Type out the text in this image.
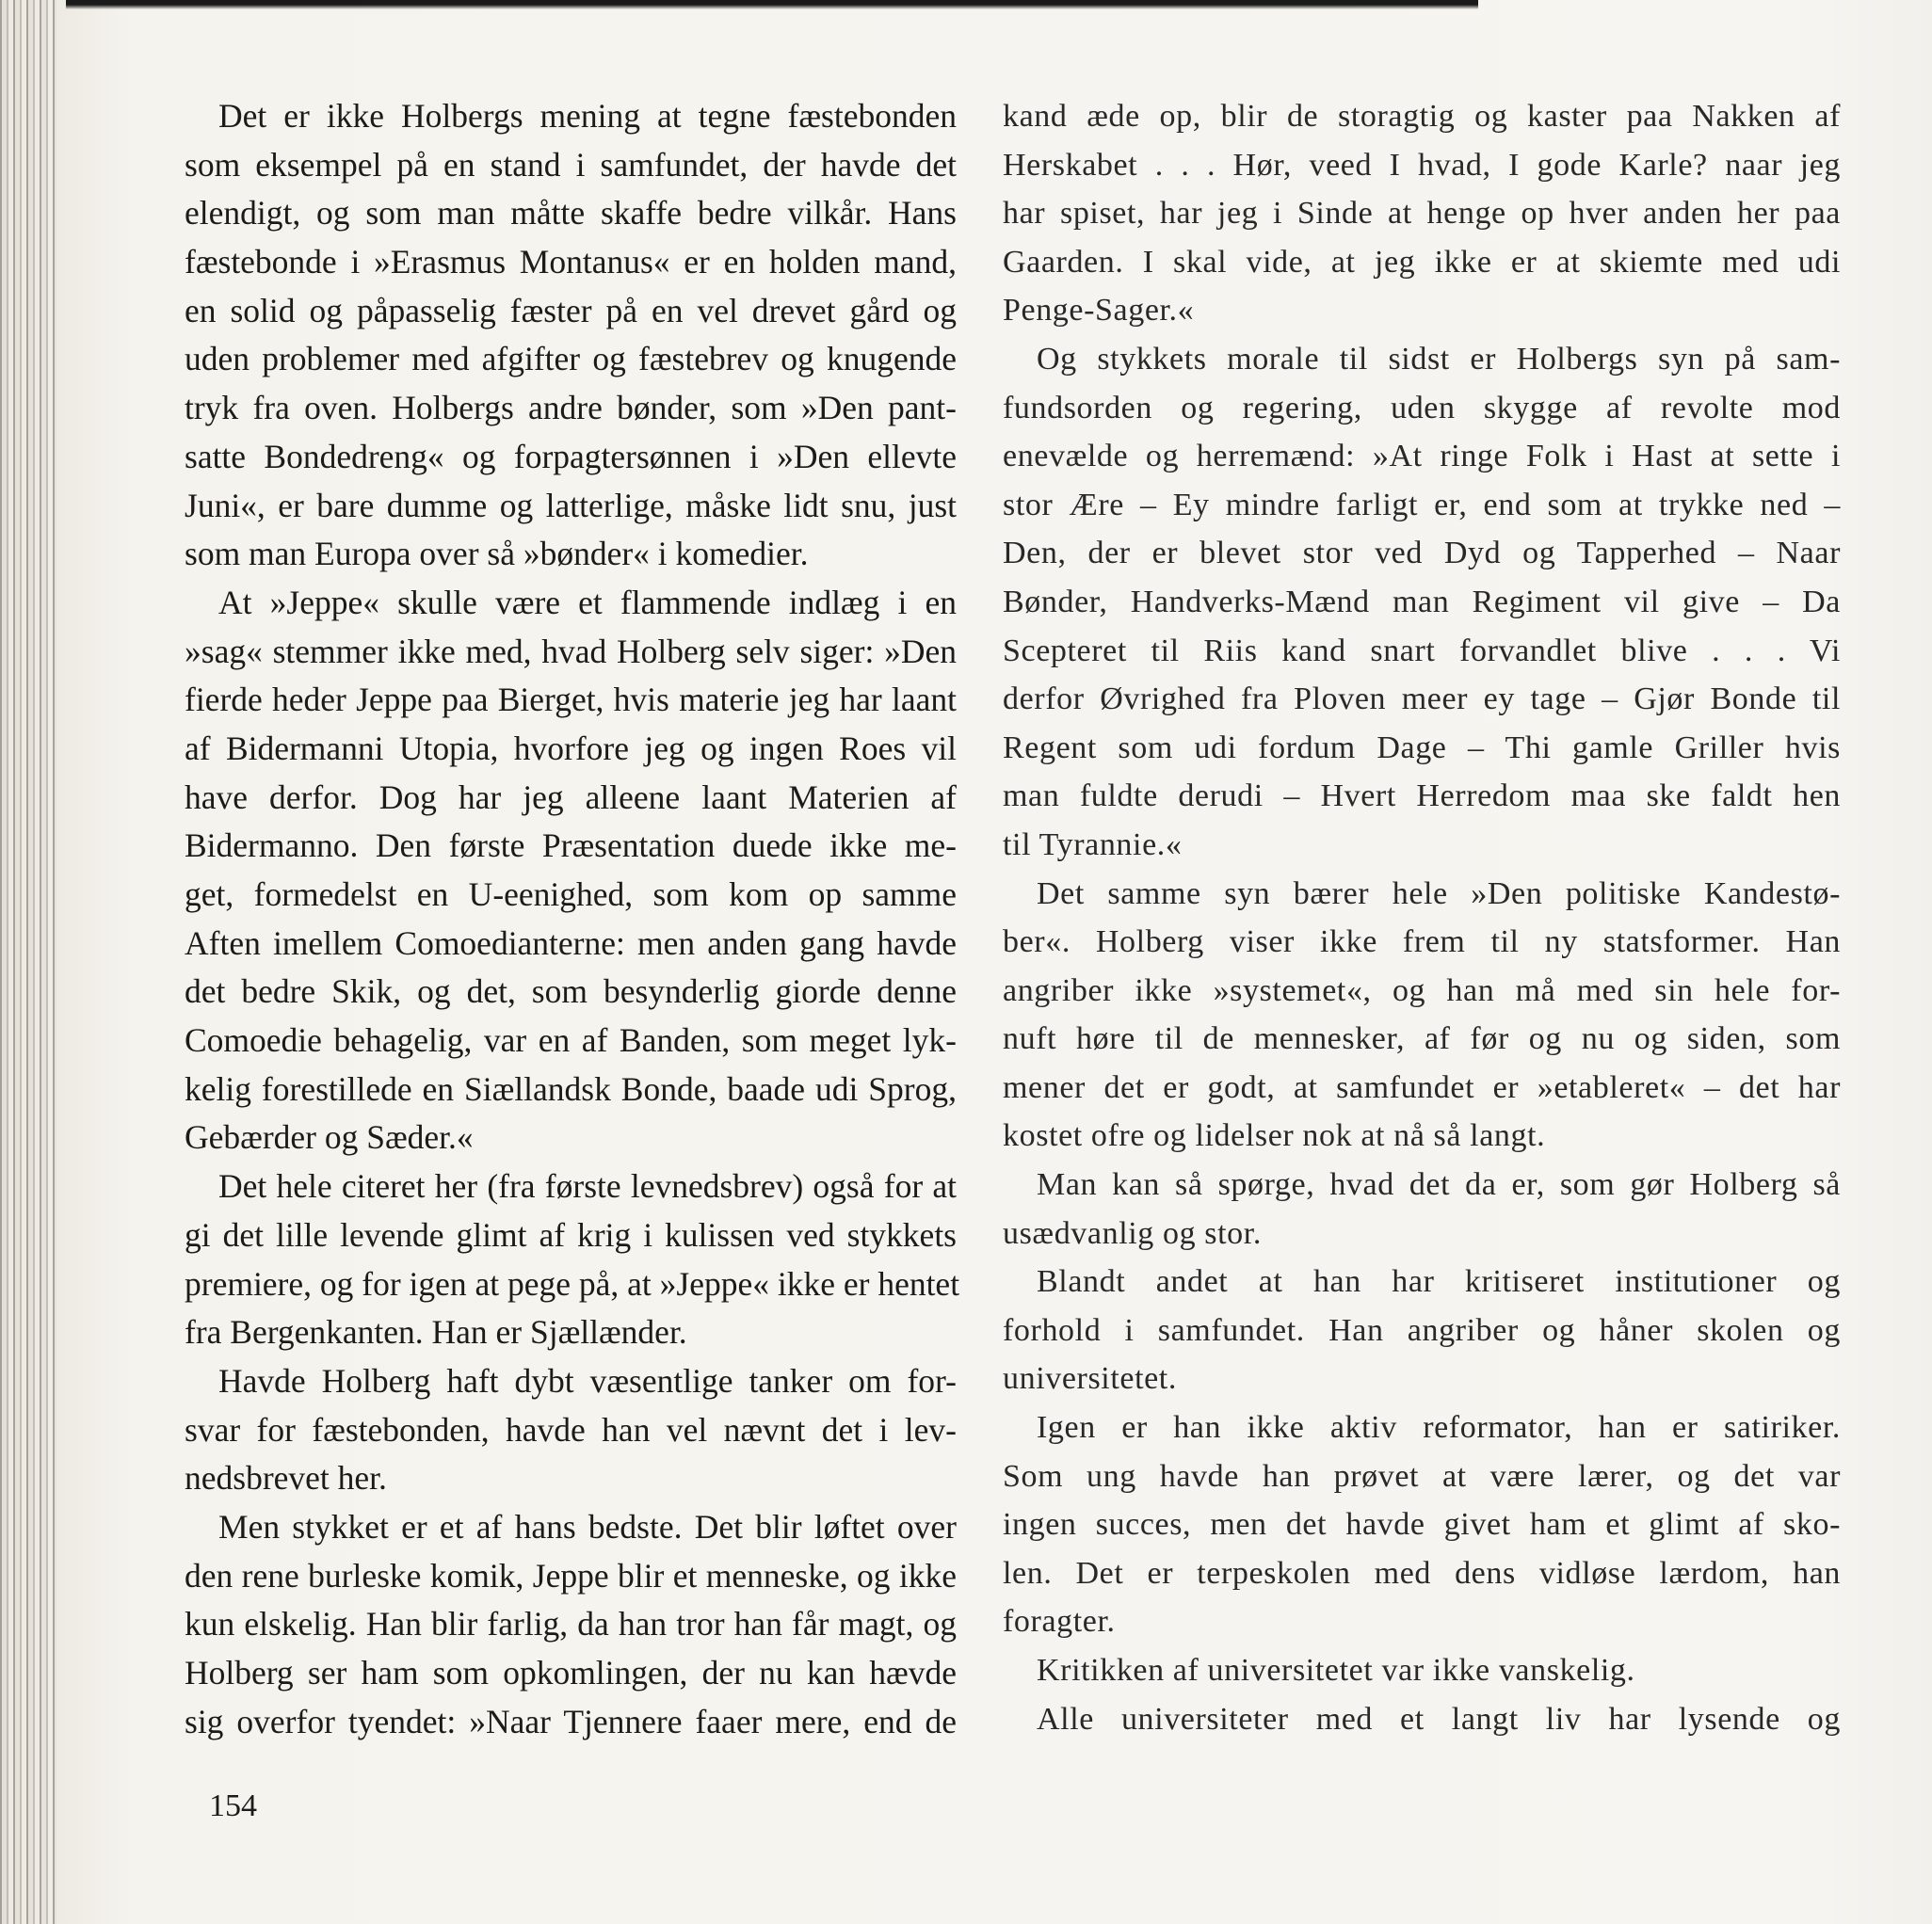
Det er ikke Holbergs mening at tegne fæstebonden
som eksempel på en stand i samfundet, der havde det
elendigt, og som man måtte skaffe bedre vilkår. Hans
fæstebonde i »Erasmus Montanus« er en holden mand,
en solid og påpasselig fæster på en vel drevet gård og
uden problemer med afgifter og fæstebrev og knugende
tryk fra oven. Holbergs andre bønder, som »Den pant-
satte Bondedreng« og forpagtersønnen i »Den ellevte
Juni«, er bare dumme og latterlige, måske lidt snu, just
som man Europa over så »bønder« i komedier.
At »Jeppe« skulle være et flammende indlæg i en
»sag« stemmer ikke med, hvad Holberg selv siger: »Den
fierde heder Jeppe paa Bierget, hvis materie jeg har laant
af Bidermanni Utopia, hvorfore jeg og ingen Roes vil
have derfor. Dog har jeg alleene laant Materien af
Bidermanno. Den første Præsentation duede ikke me-
get, formedelst en U-eenighed, som kom op samme
Aften imellem Comoedianterne: men anden gang havde
det bedre Skik, og det, som besynderlig giorde denne
Comoedie behagelig, var en af Banden, som meget lyk-
kelig forestillede en Siællandsk Bonde, baade udi Sprog,
Gebærder og Sæder.«
Det hele citeret her (fra første levnedsbrev) også for at
gi det lille levende glimt af krig i kulissen ved stykkets
premiere, og for igen at pege på, at »Jeppe« ikke er hentet
fra Bergenkanten. Han er Sjællænder.
Havde Holberg haft dybt væsentlige tanker om for-
svar for fæstebonden, havde han vel nævnt det i lev-
nedsbrevet her.
Men stykket er et af hans bedste. Det blir løftet over
den rene burleske komik, Jeppe blir et menneske, og ikke
kun elskelig. Han blir farlig, da han tror han får magt, og
Holberg ser ham som opkomlingen, der nu kan hævde
sig overfor tyendet: »Naar Tjennere faaer mere, end de
kand æde op, blir de storagtig og kaster paa Nakken af
Herskabet . . . Hør, veed I hvad, I gode Karle? naar jeg
har spiset, har jeg i Sinde at henge op hver anden her paa
Gaarden. I skal vide, at jeg ikke er at skiemte med udi
Penge-Sager.«
Og stykkets morale til sidst er Holbergs syn på sam-
fundsorden og regering, uden skygge af revolte mod
enevælde og herremænd: »At ringe Folk i Hast at sette i
stor Ære – Ey mindre farligt er, end som at trykke ned –
Den, der er blevet stor ved Dyd og Tapperhed – Naar
Bønder, Handverks-Mænd man Regiment vil give – Da
Scepteret til Riis kand snart forvandlet blive . . . Vi
derfor Øvrighed fra Ploven meer ey tage – Gjør Bonde til
Regent som udi fordum Dage – Thi gamle Griller hvis
man fuldte derudi – Hvert Herredom maa ske faldt hen
til Tyrannie.«
Det samme syn bærer hele »Den politiske Kandestø-
ber«. Holberg viser ikke frem til ny statsformer. Han
angriber ikke »systemet«, og han må med sin hele for-
nuft høre til de mennesker, af før og nu og siden, som
mener det er godt, at samfundet er »etableret« – det har
kostet ofre og lidelser nok at nå så langt.
Man kan så spørge, hvad det da er, som gør Holberg så
usædvanlig og stor.
Blandt andet at han har kritiseret institutioner og
forhold i samfundet. Han angriber og håner skolen og
universitetet.
Igen er han ikke aktiv reformator, han er satiriker.
Som ung havde han prøvet at være lærer, og det var
ingen succes, men det havde givet ham et glimt af sko-
len. Det er terpeskolen med dens vidløse lærdom, han
foragter.
Kritikken af universitetet var ikke vanskelig.
Alle universiteter med et langt liv har lysende og
154
